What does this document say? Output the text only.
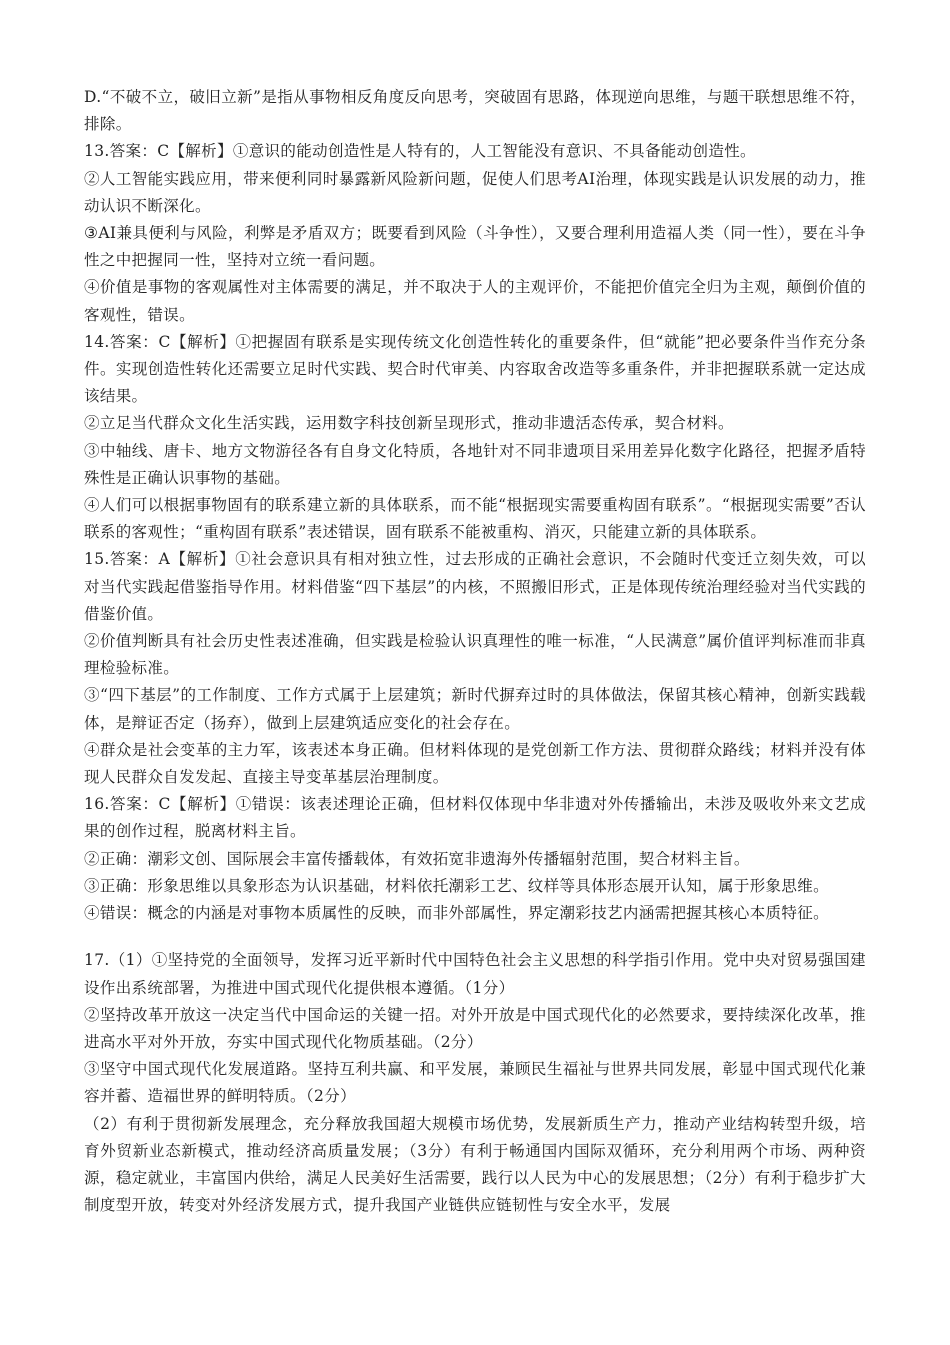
D.“不破不立，破旧立新”是指从事物相反角度反向思考，突破固有思路，体现逆向思维，与题干联想思维不符，排除。

13.答案：C【解析】①意识的能动创造性是人特有的，人工智能没有意识、不具备能动创造性。

②人工智能实践应用，带来便利同时暴露新风险新问题，促使人们思考AI治理，体现实践是认识发展的动力，推动认识不断深化。

③AI兼具便利与风险，利弊是矛盾双方；既要看到风险（斗争性），又要合理利用造福人类（同一性），要在斗争性之中把握同一性，坚持对立统一看问题。

④价值是事物的客观属性对主体需要的满足，并不取决于人的主观评价，不能把价值完全归为主观，颠倒价值的客观性，错误。

14.答案：C【解析】①把握固有联系是实现传统文化创造性转化的重要条件，但“就能”把必要条件当作充分条件。实现创造性转化还需要立足时代实践、契合时代审美、内容取舍改造等多重条件，并非把握联系就一定达成该结果。

②立足当代群众文化生活实践，运用数字科技创新呈现形式，推动非遗活态传承，契合材料。

③中轴线、唐卡、地方文物游径各有自身文化特质，各地针对不同非遗项目采用差异化数字化路径，把握矛盾特殊性是正确认识事物的基础。

④人们可以根据事物固有的联系建立新的具体联系，而不能“根据现实需要重构固有联系”。“根据现实需要”否认联系的客观性；“重构固有联系”表述错误，固有联系不能被重构、消灭，只能建立新的具体联系。

15.答案：A【解析】①社会意识具有相对独立性，过去形成的正确社会意识，不会随时代变迁立刻失效，可以对当代实践起借鉴指导作用。材料借鉴“四下基层”的内核，不照搬旧形式，正是体现传统治理经验对当代实践的借鉴价值。

②价值判断具有社会历史性表述准确，但实践是检验认识真理性的唯一标准，“人民满意”属价值评判标准而非真理检验标准。

③“四下基层”的工作制度、工作方式属于上层建筑；新时代摒弃过时的具体做法，保留其核心精神，创新实践载体，是辩证否定（扬弃），做到上层建筑适应变化的社会存在。

④群众是社会变革的主力军，该表述本身正确。但材料体现的是党创新工作方法、贯彻群众路线；材料并没有体现人民群众自发发起、直接主导变革基层治理制度。

16.答案：C【解析】①错误：该表述理论正确，但材料仅体现中华非遗对外传播输出，未涉及吸收外来文艺成果的创作过程，脱离材料主旨。

②正确：潮彩文创、国际展会丰富传播载体，有效拓宽非遗海外传播辐射范围，契合材料主旨。

③正确：形象思维以具象形态为认识基础，材料依托潮彩工艺、纹样等具体形态展开认知，属于形象思维。

④错误：概念的内涵是对事物本质属性的反映，而非外部属性，界定潮彩技艺内涵需把握其核心本质特征。

17.（1）①坚持党的全面领导，发挥习近平新时代中国特色社会主义思想的科学指引作用。党中央对贸易强国建设作出系统部署，为推进中国式现代化提供根本遵循。（1分）

②坚持改革开放这一决定当代中国命运的关键一招。对外开放是中国式现代化的必然要求，要持续深化改革，推进高水平对外开放，夯实中国式现代化物质基础。（2分）

③坚守中国式现代化发展道路。坚持互利共赢、和平发展，兼顾民生福祉与世界共同发展，彰显中国式现代化兼容并蓄、造福世界的鲜明特质。（2分）

（2）有利于贯彻新发展理念，充分释放我国超大规模市场优势，发展新质生产力，推动产业结构转型升级，培育外贸新业态新模式，推动经济高质量发展；（3分）有利于畅通国内国际双循环，充分利用两个市场、两种资源，稳定就业，丰富国内供给，满足人民美好生活需要，践行以人民为中心的发展思想；（2分）有利于稳步扩大制度型开放，转变对外经济发展方式，提升我国产业链供应链韧性与安全水平，发展
